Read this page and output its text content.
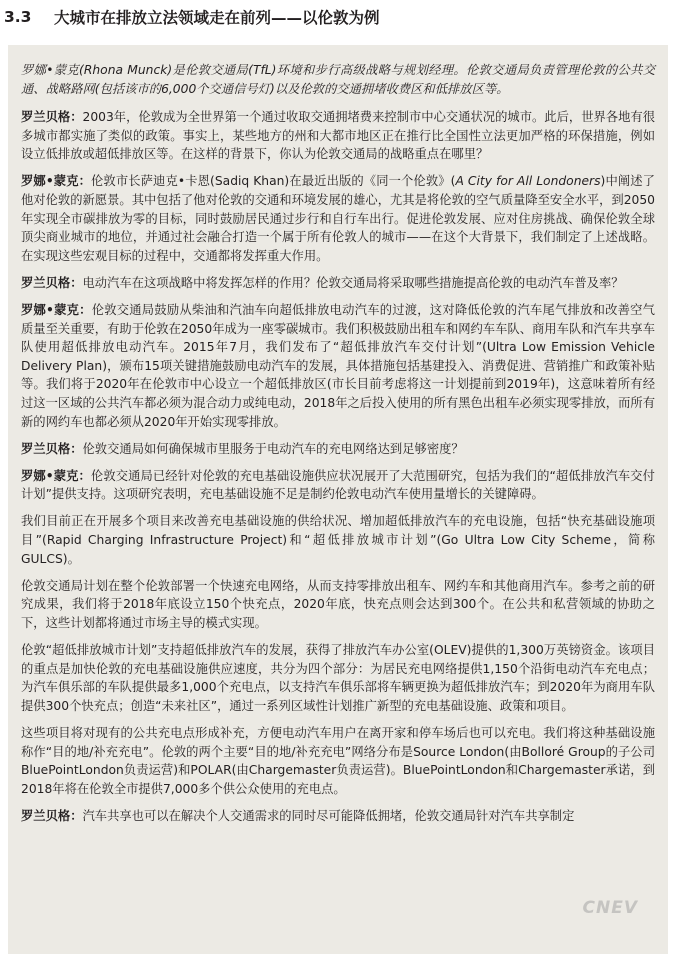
3.3	大城市在排放立法领域走在前列——以伦敦为例

罗娜•蒙克(Rhona Munck)是伦敦交通局(TfL)环境和步行高级战略与规划经理。伦敦交通局负责管理伦敦的公共交通、战略路网(包括该市的6,000个交通信号灯)以及伦敦的交通拥堵收费区和低排放区等。

罗兰贝格：2003年，伦敦成为全世界第一个通过收取交通拥堵费来控制市中心交通状况的城市。此后，世界各地有很多城市都实施了类似的政策。事实上，某些地方的州和大都市地区正在推行比全国性立法更加严格的环保措施，例如设立低排放或超低排放区等。在这样的背景下，你认为伦敦交通局的战略重点在哪里？

罗娜•蒙克：伦敦市长萨迪克•卡恩(Sadiq Khan)在最近出版的《同一个伦敦》(A City for All Londoners)中阐述了他对伦敦的新愿景。其中包括了他对伦敦的交通和环境发展的雄心，尤其是将伦敦的空气质量降至安全水平，到2050年实现全市碳排放为零的目标，同时鼓励居民通过步行和自行车出行。促进伦敦发展、应对住房挑战、确保伦敦全球顶尖商业城市的地位，并通过社会融合打造一个属于所有伦敦人的城市——在这个大背景下，我们制定了上述战略。在实现这些宏观目标的过程中，交通都将发挥重大作用。

罗兰贝格：电动汽车在这项战略中将发挥怎样的作用？伦敦交通局将采取哪些措施提高伦敦的电动汽车普及率？

罗娜•蒙克：伦敦交通局鼓励从柴油和汽油车向超低排放电动汽车的过渡，这对降低伦敦的汽车尾气排放和改善空气质量至关重要，有助于伦敦在2050年成为一座零碳城市。我们积极鼓励出租车和网约车车队、商用车队和汽车共享车队使用超低排放电动汽车。2015年7月，我们发布了“超低排放汽车交付计划”(Ultra Low Emission Vehicle Delivery Plan)，颁布15项关键措施鼓励电动汽车的发展，具体措施包括基建投入、消费促进、营销推广和政策补贴等。我们将于2020年在伦敦市中心设立一个超低排放区(市长目前考虑将这一计划提前到2019年)，这意味着所有经过这一区域的公共汽车都必须为混合动力或纯电动，2018年之后投入使用的所有黑色出租车必须实现零排放，而所有新的网约车也都必须从2020年开始实现零排放。

罗兰贝格：伦敦交通局如何确保城市里服务于电动汽车的充电网络达到足够密度？

罗娜•蒙克：伦敦交通局已经针对伦敦的充电基础设施供应状况展开了大范围研究，包括为我们的“超低排放汽车交付计划”提供支持。这项研究表明，充电基础设施不足是制约伦敦电动汽车使用量增长的关键障碍。

我们目前正在开展多个项目来改善充电基础设施的供给状况、增加超低排放汽车的充电设施，包括“快充基础设施项目”(Rapid Charging Infrastructure Project)和“超低排放城市计划”(Go Ultra Low City Scheme，简称GULCS)。

伦敦交通局计划在整个伦敦部署一个快速充电网络，从而支持零排放出租车、网约车和其他商用汽车。参考之前的研究成果，我们将于2018年底设立150个快充点，2020年底，快充点则会达到300个。在公共和私营领域的协助之下，这些计划都将通过市场主导的模式实现。

伦敦“超低排放城市计划”支持超低排放汽车的发展，获得了排放汽车办公室(OLEV)提供的1,300万英镑资金。该项目的重点是加快伦敦的充电基础设施供应速度，共分为四个部分：为居民充电网络提供1,150个沿街电动汽车充电点；为汽车俱乐部的车队提供最多1,000个充电点，以支持汽车俱乐部将车辆更换为超低排放汽车；到2020年为商用车队提供300个快充点；创造“未来社区”，通过一系列区域性计划推广新型的充电基础设施、政策和项目。

这些项目将对现有的公共充电点形成补充，方便电动汽车用户在离开家和停车场后也可以充电。我们将这种基础设施称作“目的地/补充充电”。伦敦的两个主要“目的地/补充充电”网络分布是Source London(由Bolloré Group的子公司BluePointLondon负责运营)和POLAR(由Chargemaster负责运营)。BluePointLondon和Chargemaster承诺，到2018年将在伦敦全市提供7,000多个供公众使用的充电点。

罗兰贝格：汽车共享也可以在解决个人交通需求的同时尽可能降低拥堵，伦敦交通局针对汽车共享制定

CNEV
